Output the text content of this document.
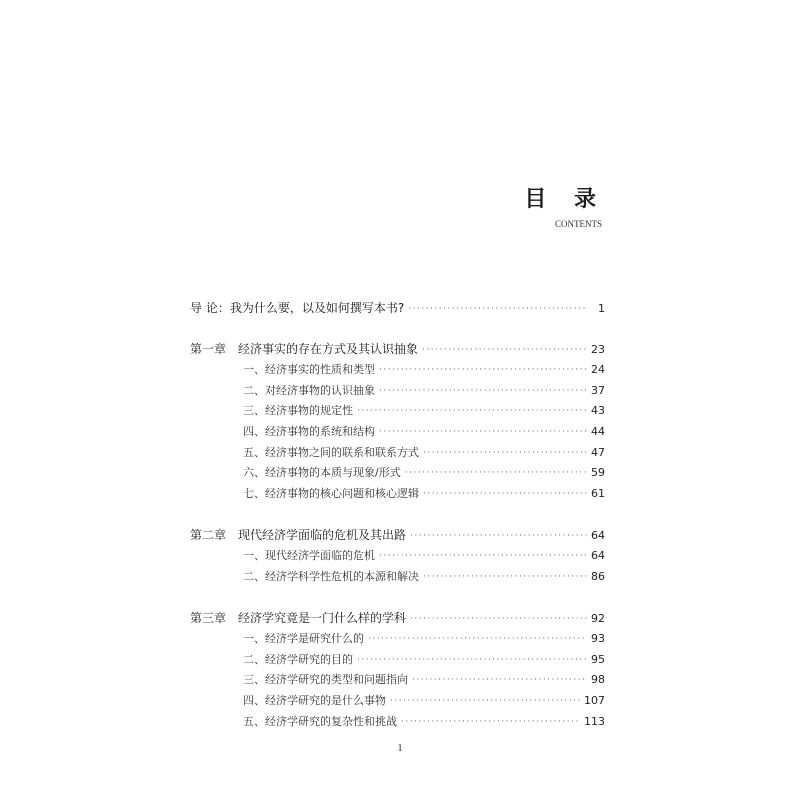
目 录
CONTENTS
导 论： 我为什么要，以及如何撰写本书? ·····	1
第一章 经济事实的存在方式及其认识抽象 ·····	23
一、经济事实的性质和类型 ·····	24
二、对经济事物的认识抽象 ·····	37
三、经济事物的规定性 ·····	43
四、经济事物的系统和结构 ·····	44
五、经济事物之间的联系和联系方式 ·····	47
六、经济事物的本质与现象/形式 ·····	59
七、经济事物的核心问题和核心逻辑 ·····	61
第二章 现代经济学面临的危机及其出路 ·····	64
一、现代经济学面临的危机 ·····	64
二、经济学科学性危机的本源和解决 ·····	86
第三章 经济学究竟是一门什么样的学科 ·····	92
一、经济学是研究什么的 ·····	93
二、经济学研究的目的 ·····	95
三、经济学研究的类型和问题指向 ·····	98
四、经济学研究的是什么事物 ·····	107
五、经济学研究的复杂性和挑战 ·····	113
1
